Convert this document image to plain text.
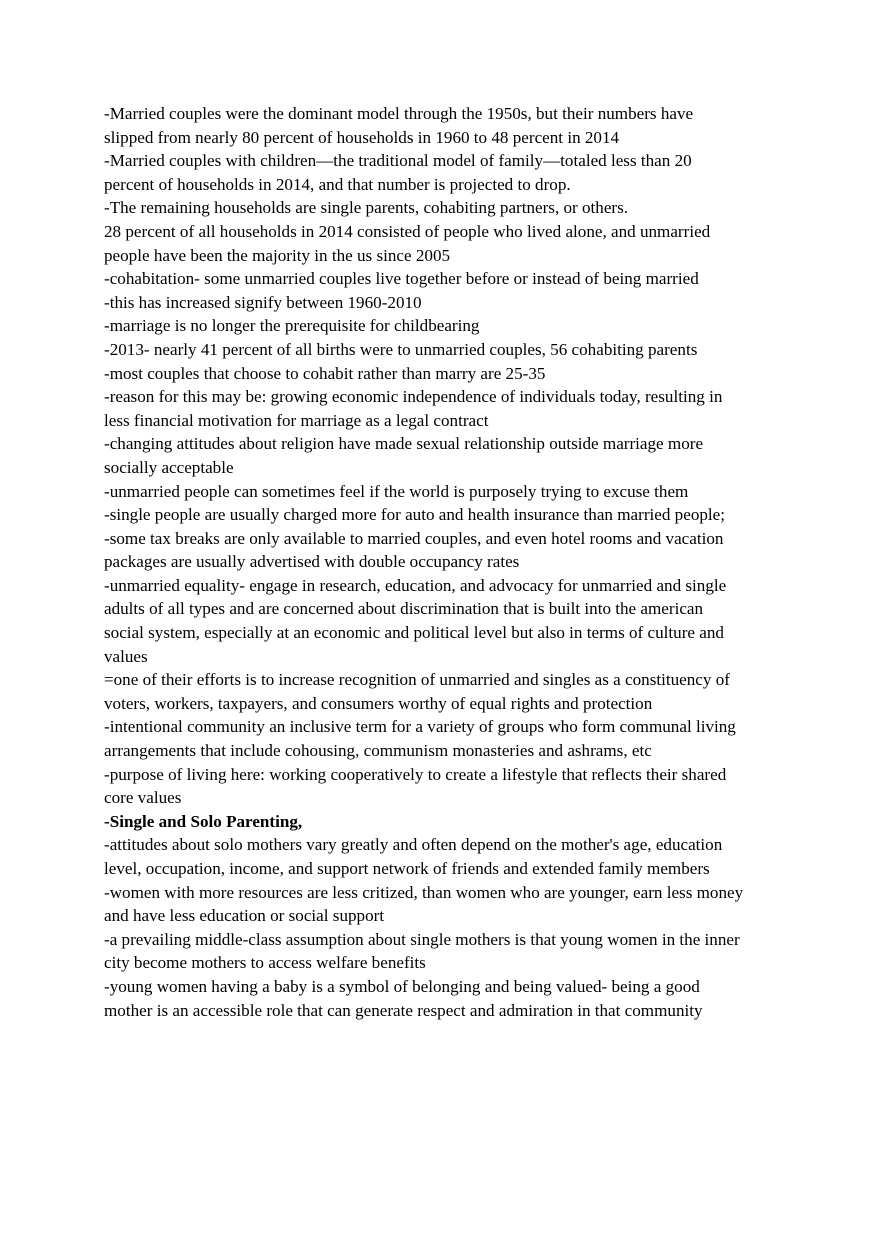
-Married couples were the dominant model through the 1950s, but their numbers have
slipped from nearly 80 percent of households in 1960 to 48 percent in 2014
-Married couples with children—the traditional model of family—totaled less than 20
percent of households in 2014, and that number is projected to drop.
-The remaining households are single parents, cohabiting partners, or others.
28 percent of all households in 2014 consisted of people who lived alone, and unmarried
people have been the majority in the us since 2005
-cohabitation- some unmarried couples live together before or instead of being married
-this has increased signify between 1960-2010
-marriage is no longer the prerequisite for childbearing
-2013- nearly 41 percent of all births were to unmarried couples, 56 cohabiting parents
-most couples that choose to cohabit rather than marry are 25-35
-reason for this may be: growing economic independence of individuals today, resulting in
less financial motivation for marriage as a legal contract
-changing attitudes about religion have made sexual relationship outside marriage more
socially acceptable
-unmarried people can sometimes feel if the world is purposely trying to excuse them
-single people are usually charged more for auto and health insurance than married people;
-some tax breaks are only available to married couples, and even hotel rooms and vacation
packages are usually advertised with double occupancy rates
-unmarried equality- engage in research, education, and advocacy for unmarried and single
adults of all types and are concerned about discrimination that is built into the american
social system, especially at an economic and political level but also in terms of culture and
values
=one of their efforts is to increase recognition of unmarried and singles as a constituency of
voters, workers, taxpayers, and consumers worthy of equal rights and protection
-intentional community an inclusive term for a variety of groups who form communal living
arrangements that include cohousing, communism monasteries and ashrams, etc
-purpose of living here: working cooperatively to create a lifestyle that reflects their shared
core values
-Single and Solo Parenting,
-attitudes about solo mothers vary greatly and often depend on the mother's age, education
level, occupation, income, and support network of friends and extended family members
-women with more resources are less critized, than women who are younger, earn less money
and have less education or social support
-a prevailing middle-class assumption about single mothers is that young women in the inner
city become mothers to access welfare benefits
-young women having a baby is a symbol of belonging and being valued- being a good
mother is an accessible role that can generate respect and admiration in that community
